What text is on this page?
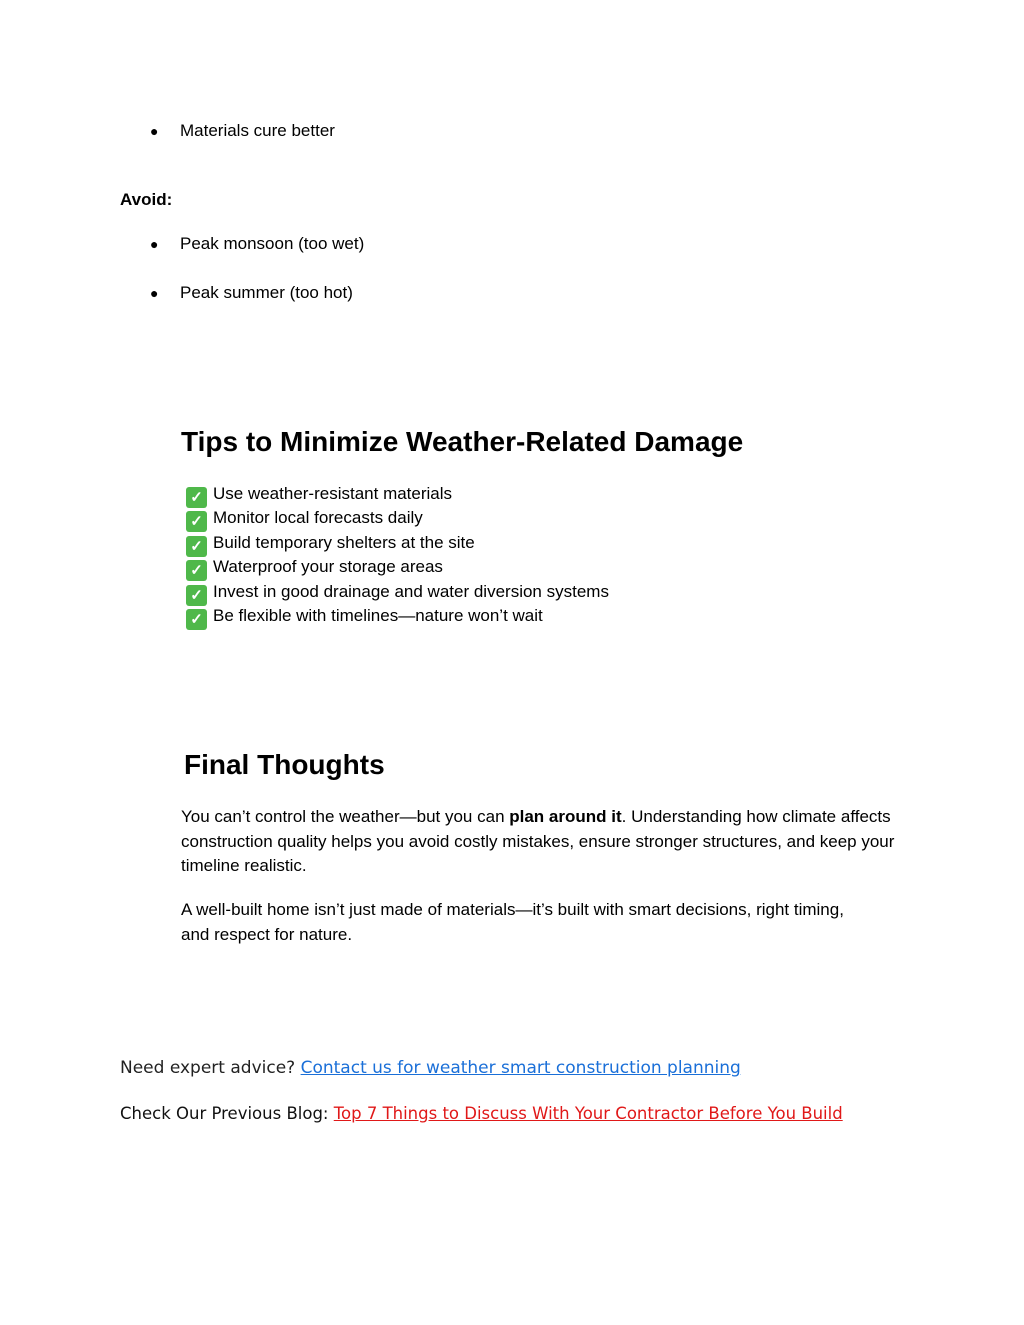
● Materials cure better
Avoid:
● Peak monsoon (too wet)
● Peak summer (too hot)
Tips to Minimize Weather-Related Damage
✓ Use weather-resistant materials
✓ Monitor local forecasts daily
✓ Build temporary shelters at the site
✓ Waterproof your storage areas
✓ Invest in good drainage and water diversion systems
✓ Be flexible with timelines—nature won’t wait
Final Thoughts

You can’t control the weather—but you can plan around it. Understanding how climate affects construction quality helps you avoid costly mistakes, ensure stronger structures, and keep your timeline realistic.

A well-built home isn’t just made of materials—it’s built with smart decisions, right timing, and respect for nature.

Need expert advice? Contact us for weather smart construction planning
Check Our Previous Blog: Top 7 Things to Discuss With Your Contractor Before You Build
